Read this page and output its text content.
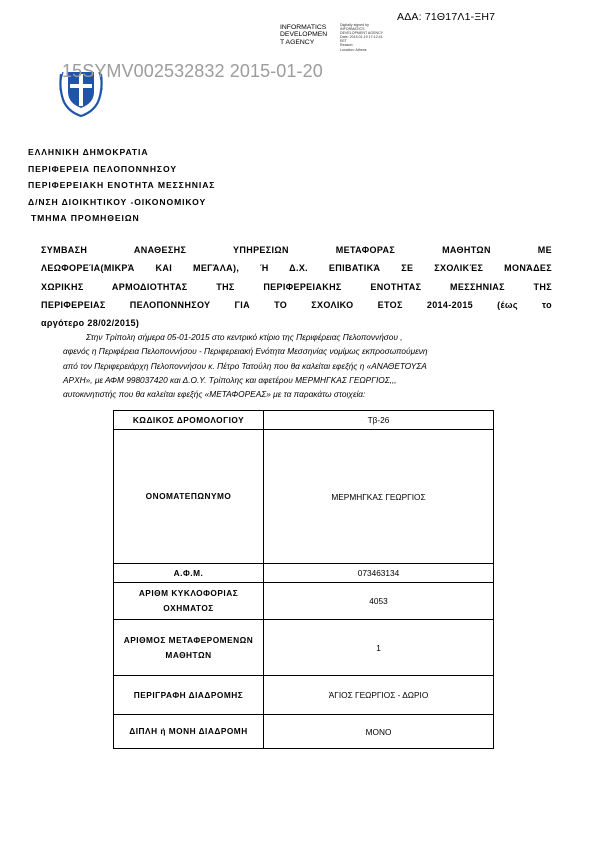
ΑΔΑ: 71Θ17Λ1-ΞΗ7
INFORMATICS
DEVELOPMEN
T AGENCY
Digitally signed by
INFORMATICS
DEVELOPMENT AGENCY
Date: 2015.01.19 17:12:41
EET
Reason:
Location: Athens
15SYMV002532832 2015-01-20
ΕΛΛΗΝΙΚΗ ΔΗΜΟΚΡΑΤΙΑ
ΠΕΡΙΦΕΡΕΙΑ ΠΕΛΟΠΟΝΝΗΣΟΥ
ΠΕΡΙΦΕΡΕΙΑΚΗ ΕΝΟΤΗΤΑ ΜΕΣΣΗΝΙΑΣ
Δ/ΝΣΗ ΔΙΟΙΚΗΤΙΚΟΥ -ΟΙΚΟΝΟΜΙΚΟΥ
ΤΜΗΜΑ ΠΡΟΜΗΘΕΙΩΝ
ΣΥΜΒΑΣΗ ΑΝΑΘΕΣΗΣ ΥΠΗΡΕΣΙΩΝ ΜΕΤΑΦΟΡΑΣ ΜΑΘΗΤΩΝ ΜΕ
ΛΕΩΦΟΡΕΊΑ(ΜΙΚΡΆ ΚΑΙ ΜΕΓΆΛΑ), Ή Δ.Χ. ΕΠΙΒΑΤΙΚΆ ΣΕ ΣΧΟΛΙΚΈΣ ΜΟΝΆΔΕΣ
ΧΩΡΙΚΗΣ ΑΡΜΟΔΙΟΤΗΤΑΣ ΤΗΣ ΠΕΡΙΦΕΡΕΙΑΚΗΣ ΕΝΟΤΗΤΑΣ ΜΕΣΣΗΝΙΑΣ ΤΗΣ
ΠΕΡΙΦΕΡΕΙΑΣ ΠΕΛΟΠΟΝΝΗΣΟΥ ΓΙΑ ΤΟ ΣΧΟΛΙΚΟ ΕΤΟΣ 2014-2015 (έως το
αργότερο 28/02/2015)
Στην Τρίπολη σήμερα 05-01-2015 στο κεντρικό κτίριο της Περιφέρειας Πελοποννήσου ,
αφενός η Περιφέρεια Πελοποννήσου - Περιφερειακή Ενότητα Μεσσηνίας νομίμως εκπροσωπούμενη
από τον Περιφερειάρχη Πελοποννήσου κ. Πέτρο Τατούλη που θα καλείται εφεξής η «ΑΝΑΘΕΤΟΥΣΑ
ΑΡΧΗ», με ΑΦΜ 998037420 και Δ.Ο.Υ. Τρίπολης και αφετέρου ΜΕΡΜΗΓΚΑΣ ΓΕΩΡΓΙΟΣ,,,
αυτοκινητιστής που θα καλείται εφεξής «ΜΕΤΑΦΟΡΕΑΣ» με τα παρακάτω στοιχεία:
ΚΩΔΙΚΟΣ ΔΡΟΜΟΛΟΓΙΟΥ	Τβ-26
ΟΝΟΜΑΤΕΠΩΝΥΜΟ	ΜΕΡΜΗΓΚΑΣ ΓΕΩΡΓΙΟΣ
Α.Φ.Μ.	073463134
ΑΡΙΘΜ ΚΥΚΛΟΦΟΡΙΑΣ ΟΧΗΜΑΤΟΣ	4053
ΑΡΙΘΜΟΣ ΜΕΤΑΦΕΡΟΜΕΝΩΝ ΜΑΘΗΤΩΝ	1
ΠΕΡΙΓΡΑΦΗ ΔΙΑΔΡΟΜΗΣ	ΆΓΙΟΣ ΓΕΩΡΓΙΟΣ - ΔΩΡΙΟ
ΔΙΠΛΗ ή ΜΟΝΗ ΔΙΑΔΡΟΜΗ	ΜΟΝΟ
